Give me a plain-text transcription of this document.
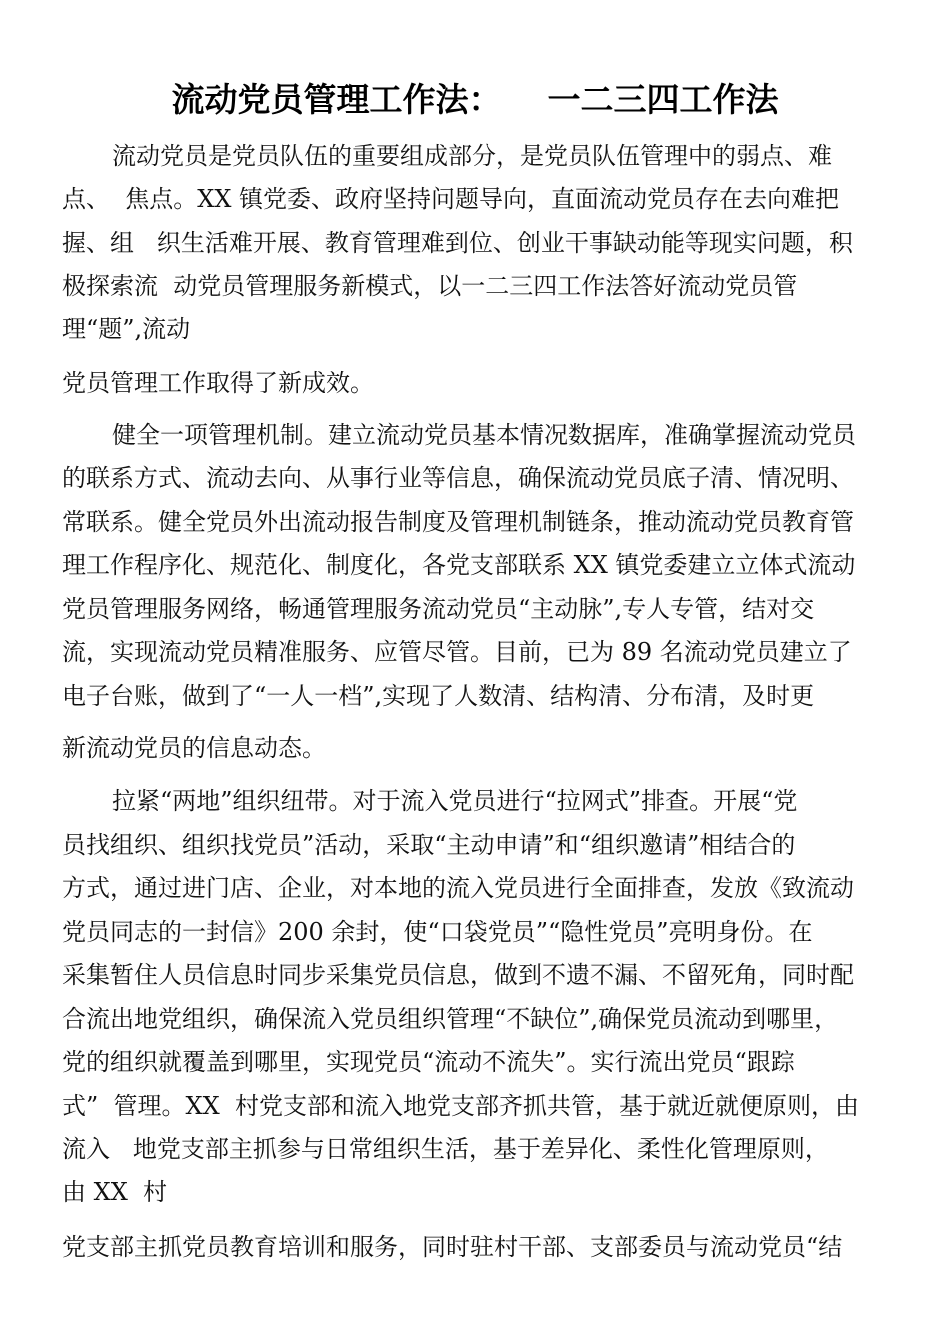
流动党员管理工作法：    一二三四工作法
流动党员是党员队伍的重要组成部分，是党员队伍管理中的弱点、难
点、  焦点。XX 镇党委、政府坚持问题导向，直面流动党员存在去向难把
握、组   织生活难开展、教育管理难到位、创业干事缺动能等现实问题，积
极探索流  动党员管理服务新模式，以一二三四工作法答好流动党员管
理“题”,流动
党员管理工作取得了新成效。
健全一项管理机制。建立流动党员基本情况数据库，准确掌握流动党员
的联系方式、流动去向、从事行业等信息，确保流动党员底子清、情况明、
常联系。健全党员外出流动报告制度及管理机制链条，推动流动党员教育管
理工作程序化、规范化、制度化，各党支部联系 XX 镇党委建立立体式流动
党员管理服务网络，畅通管理服务流动党员“主动脉”,专人专管，结对交
流，实现流动党员精准服务、应管尽管。目前，已为 89 名流动党员建立了
电子台账，做到了“一人一档”,实现了人数清、结构清、分布清，及时更
新流动党员的信息动态。
拉紧“两地”组织纽带。对于流入党员进行“拉网式”排查。开展“党
员找组织、组织找党员”活动，采取“主动申请”和“组织邀请”相结合的
方式，通过进门店、企业，对本地的流入党员进行全面排查，发放《致流动
党员同志的一封信》200 余封，使“口袋党员”“隐性党员”亮明身份。在
采集暂住人员信息时同步采集党员信息，做到不遗不漏、不留死角，同时配
合流出地党组织，确保流入党员组织管理“不缺位”,确保党员流动到哪里，
党的组织就覆盖到哪里，实现党员“流动不流失”。实行流出党员“跟踪
式”  管理。XX  村党支部和流入地党支部齐抓共管，基于就近就便原则，由
流入   地党支部主抓参与日常组织生活，基于差异化、柔性化管理原则，
由 XX  村
党支部主抓党员教育培训和服务，同时驻村干部、支部委员与流动党员“结
